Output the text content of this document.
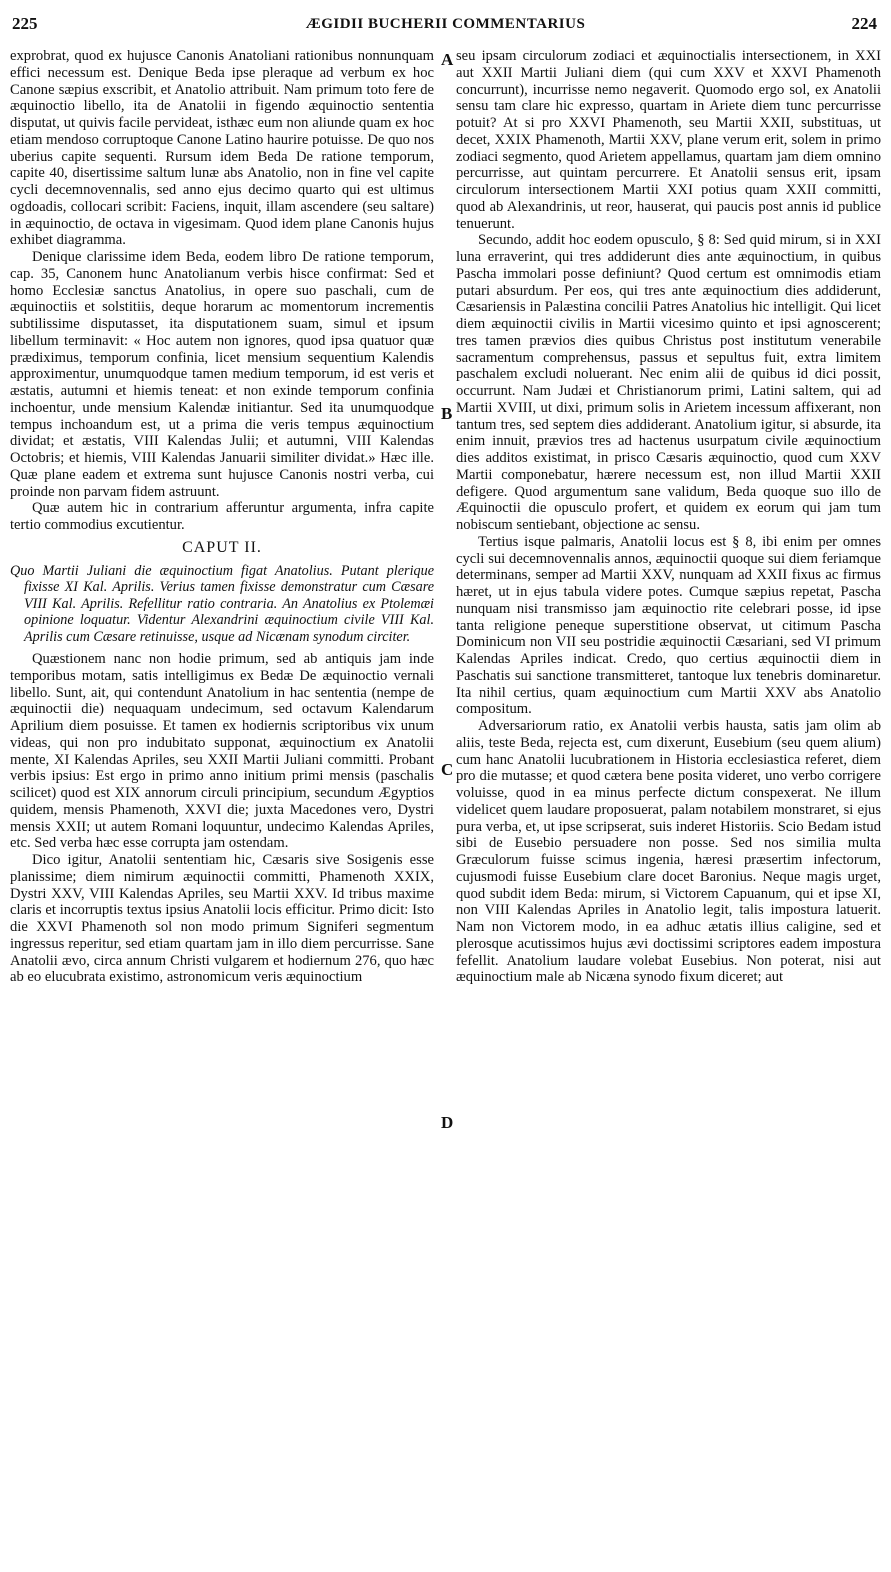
225	ÆGIDII BUCHERII COMMENTARIUS	224
A
B
C
D

exprobrat, quod ex hujusce Canonis Anatoliani rationibus nonnunquam effici necessum est. Denique Beda ipse pleraque ad verbum ex hoc Canone sæpius exscribit, et Anatolio attribuit. Nam primum toto fere de æquinoctio libello, ita de Anatolii in figendo æquinoctio sententia disputat, ut quivis facile pervideat, isthæc eum non aliunde quam ex hoc etiam mendoso corruptoque Canone Latino haurire potuisse. De quo nos uberius capite sequenti. Rursum idem Beda De ratione temporum, capite 40, disertissime saltum lunæ abs Anatolio, non in fine vel capite cycli decemnovennalis, sed anno ejus decimo quarto qui est ultimus ogdoadis, collocari scribit: Faciens, inquit, illam ascendere (seu saltare) in æquinoctio, de octava in vigesimam. Quod idem plane Canonis hujus exhibet diagramma.

Denique clarissime idem Beda, eodem libro De ratione temporum, cap. 35, Canonem hunc Anatolianum verbis hisce confirmat: Sed et homo Ecclesiæ sanctus Anatolius, in opere suo paschali, cum de æquinoctiis et solstitiis, deque horarum ac momentorum incrementis subtilissime disputasset, ita disputationem suam, simul et ipsum libellum terminavit: « Hoc autem non ignores, quod ipsa quatuor quæ prædiximus, temporum confinia, licet mensium sequentium Kalendis approximentur, unumquodque tamen medium temporum, id est veris et æstatis, autumni et hiemis teneat: et non exinde temporum confinia inchoentur, unde mensium Kalendæ initiantur. Sed ita unumquodque tempus inchoandum est, ut a prima die veris tempus æquinoctium dividat; et æstatis, VIII Kalendas Julii; et autumni, VIII Kalendas Octobris; et hiemis, VIII Kalendas Januarii similiter dividat.» Hæc ille. Quæ plane eadem et extrema sunt hujusce Canonis nostri verba, cui proinde non parvam fidem astruunt.

Quæ autem hic in contrarium afferuntur argumenta, infra capite tertio commodius excutientur.

CAPUT II.
Quo Martii Juliani die æquinoctium figat Anatolius. Putant plerique fixisse XI Kal. Aprilis. Verius tamen fixisse demonstratur cum Cæsare VIII Kal. Aprilis. Refellitur ratio contraria. An Anatolius ex Ptolemæi opinione loquatur. Videntur Alexandrini æquinoctium civile VIII Kal. Aprilis cum Cæsare retinuisse, usque ad Nicænam synodum circiter.

Quæstionem nanc non hodie primum, sed ab antiquis jam inde temporibus motam, satis intelligimus ex Bedæ De æquinoctio vernali libello. Sunt, ait, qui contendunt Anatolium in hac sententia (nempe de æquinoctii die) nequaquam undecimum, sed octavum Kalendarum Aprilium diem posuisse. Et tamen ex hodiernis scriptoribus vix unum videas, qui non pro indubitato supponat, æquinoctium ex Anatolii mente, XI Kalendas Apriles, seu XXII Martii Juliani committi. Probant verbis ipsius: Est ergo in primo anno initium primi mensis (paschalis scilicet) quod est XIX annorum circuli principium, secundum Ægyptios quidem, mensis Phamenoth, XXVI die; juxta Macedones vero, Dystri mensis XXII; ut autem Romani loquuntur, undecimo Kalendas Apriles, etc. Sed verba hæc esse corrupta jam ostendam.

Dico igitur, Anatolii sententiam hic, Cæsaris sive Sosigenis esse planissime; diem nimirum æquinoctii committi, Phamenoth XXIX, Dystri XXV, VIII Kalendas Apriles, seu Martii XXV. Id tribus maxime claris et incorruptis textus ipsius Anatolii locis efficitur. Primo dicit: Isto die XXVI Phamenoth sol non modo primum Signiferi segmentum ingressus reperitur, sed etiam quartam jam in illo diem percurrisse. Sane Anatolii ævo, circa annum Christi vulgarem et hodiernum 276, quo hæc ab eo elucubrata existimo, astronomicum veris æquinoctium

seu ipsam circulorum zodiaci et æquinoctialis intersectionem, in XXI aut XXII Martii Juliani diem (qui cum XXV et XXVI Phamenoth concurrunt), incurrisse nemo negaverit. Quomodo ergo sol, ex Anatolii sensu tam clare hic expresso, quartam in Ariete diem tunc percurrisse potuit? At si pro XXVI Phamenoth, seu Martii XXII, substituas, ut decet, XXIX Phamenoth, Martii XXV, plane verum erit, solem in primo zodiaci segmento, quod Arietem appellamus, quartam jam diem omnino percurrisse, aut quintam percurrere. Et Anatolii sensus erit, ipsam circulorum intersectionem Martii XXI potius quam XXII committi, quod ab Alexandrinis, ut reor, hauserat, qui paucis post annis id publice tenuerunt.

Secundo, addit hoc eodem opusculo, § 8: Sed quid mirum, si in XXI luna erraverint, qui tres addiderunt dies ante æquinoctium, in quibus Pascha immolari posse definiunt? Quod certum est omnimodis etiam putari absurdum. Per eos, qui tres ante æquinoctium dies addiderunt, Cæsariensis in Palæstina concilii Patres Anatolius hic intelligit. Qui licet diem æquinoctii civilis in Martii vicesimo quinto et ipsi agnoscerent; tres tamen prævios dies quibus Christus post institutum venerabile sacramentum comprehensus, passus et sepultus fuit, extra limitem paschalem excludi noluerant. Nec enim alii de quibus id dici possit, occurrunt. Nam Judæi et Christianorum primi, Latini saltem, qui ad Martii XVIII, ut dixi, primum solis in Arietem incessum affixerant, non tantum tres, sed septem dies addiderant. Anatolium igitur, si absurde, ita enim innuit, prævios tres ad hactenus usurpatum civile æquinoctium dies additos existimat, in prisco Cæsaris æquinoctio, quod cum XXV Martii componebatur, hærere necessum est, non illud Martii XXII defigere. Quod argumentum sane validum, Beda quoque suo illo de Æquinoctii die opusculo profert, et quidem ex eorum qui jam tum nobiscum sentiebant, objectione ac sensu.

Tertius isque palmaris, Anatolii locus est § 8, ibi enim per omnes cycli sui decemnovennalis annos, æquinoctii quoque sui diem feriamque determinans, semper ad Martii XXV, nunquam ad XXII fixus ac firmus hæret, ut in ejus tabula videre potes. Cumque sæpius repetat, Pascha nunquam nisi transmisso jam æquinoctio rite celebrari posse, id ipse tanta religione peneque superstitione observat, ut citimum Pascha Dominicum non VII seu postridie æquinoctii Cæsariani, sed VI primum Kalendas Apriles indicat. Credo, quo certius æquinoctii diem in Paschatis sui sanctione transmitteret, tantoque lux tenebris dominaretur. Ita nihil certius, quam æquinoctium cum Martii XXV abs Anatolio compositum.

Adversariorum ratio, ex Anatolii verbis hausta, satis jam olim ab aliis, teste Beda, rejecta est, cum dixerunt, Eusebium (seu quem alium) cum hanc Anatolii lucubrationem in Historia ecclesiastica referet, diem pro die mutasse; et quod cætera bene posita videret, uno verbo corrigere voluisse, quod in ea minus perfecte dictum conspexerat. Ne illum videlicet quem laudare proposuerat, palam notabilem monstraret, si ejus pura verba, et, ut ipse scripserat, suis inderet Historiis. Scio Bedam istud sibi de Eusebio persuadere non posse. Sed nos similia multa Græculorum fuisse scimus ingenia, hæresi præsertim infectorum, cujusmodi fuisse Eusebium clare docet Baronius. Neque magis urget, quod subdit idem Beda: mirum, si Victorem Capuanum, qui et ipse XI, non VIII Kalendas Apriles in Anatolio legit, talis impostura latuerit. Nam non Victorem modo, in ea adhuc ætatis illius caligine, sed et plerosque acutissimos hujus ævi doctissimi scriptores eadem impostura fefellit. Anatolium laudare volebat Eusebius. Non poterat, nisi aut æquinoctium male ab Nicæna synodo fixum diceret; aut
